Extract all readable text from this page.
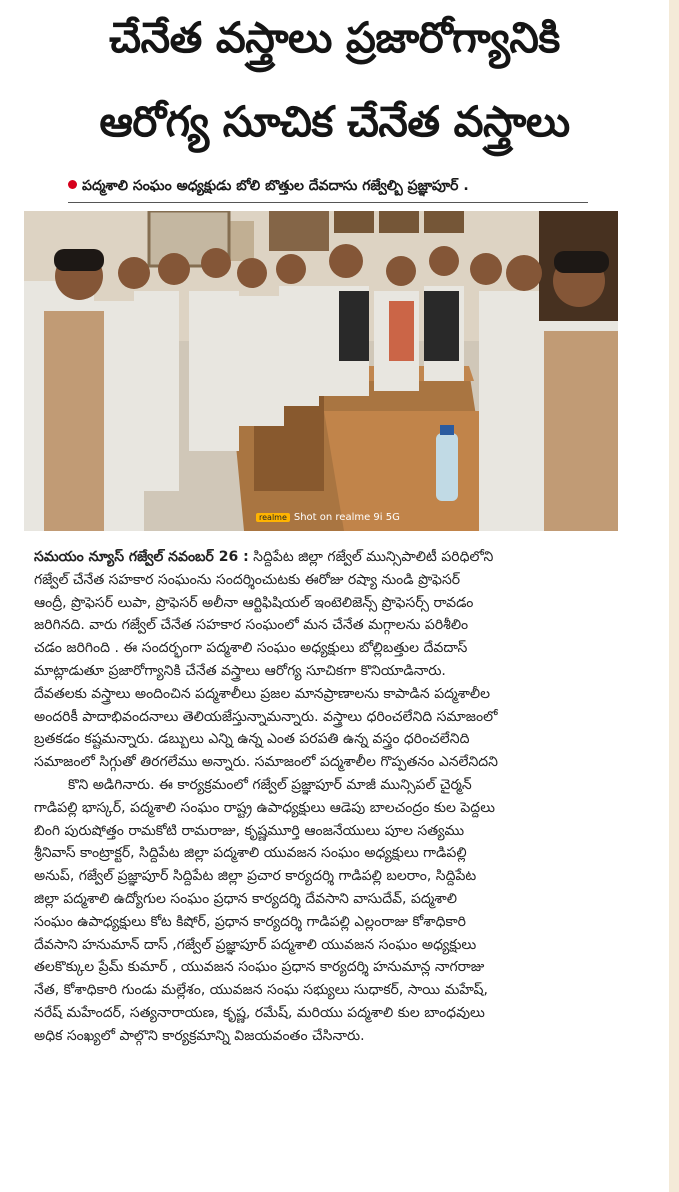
చేనేత వస్త్రాలు ప్రజారోగ్యానికి
ఆరోగ్య సూచిక చేనేత వస్త్రాలు
పద్మశాలి సంఘం అధ్యక్షుడు బోలి బొత్తుల దేవదాసు గజ్వేల్బి ప్రజ్ఞాపూర్ .
realme Shot on realme 9i 5G
సమయం న్యూస్ గజ్వేల్ నవంబర్ 26 : సిద్దిపేట జిల్లా గజ్వేల్ మున్సిపాలిటీ పరిధిలోని
గజ్వేల్ చేనేత సహకార సంఘంను సందర్శించుటకు ఈరోజు రష్యా నుండి ప్రొఫెసర్
ఆంద్రీ, ప్రొఫెసర్ లుపా, ప్రొఫెసర్ అలీనా ఆర్టిఫిషియల్ ఇంటెలిజెన్స్ ప్రొఫెసర్స్ రావడం
జరిగినది. వారు గజ్వేల్ చేనేత సహకార సంఘంలో మన చేనేత మగ్గాలను పరిశీలిం
చడం జరిగింది . ఈ సందర్భంగా పద్మశాలి సంఘం అధ్యక్షులు బోల్లిబత్తుల దేవదాస్
మాట్లాడుతూ ప్రజారోగ్యానికి చేనేత వస్త్రాలు ఆరోగ్య సూచికగా కొనియాడినారు.
దేవతలకు వస్త్రాలు అందించిన పద్మశాలీలు ప్రజల మానప్రాణాలను కాపాడిన పద్మశాలీల
అందరికీ పాదాభివందనాలు తెలియజేస్తున్నామన్నారు. వస్త్రాలు ధరించలేనిది సమాజంలో
బ్రతకడం కష్టమన్నారు. డబ్బులు ఎన్ని ఉన్న ఎంత పరపతి ఉన్న వస్త్రం ధరించలేనిది
సమాజంలో సిగ్గుతో తిరగలేము అన్నారు. సమాజంలో పద్మశాలీల గొప్పతనం ఎనలేనిదని
కొని అడిగినారు. ఈ కార్యక్రమంలో గజ్వేల్ ప్రజ్ఞాపూర్ మాజీ మున్సిపల్ చైర్మన్
గాడిపల్లి భాస్కర్, పద్మశాలి సంఘం రాష్ట్ర ఉపాధ్యక్షులు ఆడెపు బాలచంద్రం కుల పెద్దలు
బింగి పురుషోత్తం రామకోటి రామరాజు, కృష్ణమూర్తి ఆంజనేయులు పూల సత్యము
శ్రీనివాస్ కాంట్రాక్టర్, సిద్దిపేట జిల్లా పద్మశాలి యువజన సంఘం అధ్యక్షులు గాడిపల్లి
అనుప్, గజ్వేల్ ప్రజ్ఞాపూర్ సిద్దిపేట జిల్లా ప్రచార కార్యదర్శి గాడిపల్లి బలరాం, సిద్దిపేట
జిల్లా పద్మశాలి ఉద్యోగుల సంఘం ప్రధాన కార్యదర్శి దేవసాని వాసుదేవ్, పద్మశాలి
సంఘం ఉపాధ్యక్షులు కోట కిషోర్, ప్రధాన కార్యదర్శి గాడిపల్లి ఎల్లంరాజు కోశాధికారి
దేవసాని హనుమాన్ దాస్ ,గజ్వేల్ ప్రజ్ఞాపూర్ పద్మశాలి యువజన సంఘం అధ్యక్షులు
తలకొక్కుల ప్రేమ్ కుమార్ , యువజన సంఘం ప్రధాన కార్యదర్శి హనుమాన్ల నాగరాజు
నేత, కోశాధికారి గుండు మల్లేశం, యువజన సంఘ సభ్యులు సుధాకర్, సాయి మహేష్,
నరేష్ మహేందర్, సత్యనారాయణ, కృష్ణ, రమేష్, మరియు పద్మశాలి కుల బాంధవులు
అధిక సంఖ్యలో పాల్గొని కార్యక్రమాన్ని విజయవంతం చేసినారు.
